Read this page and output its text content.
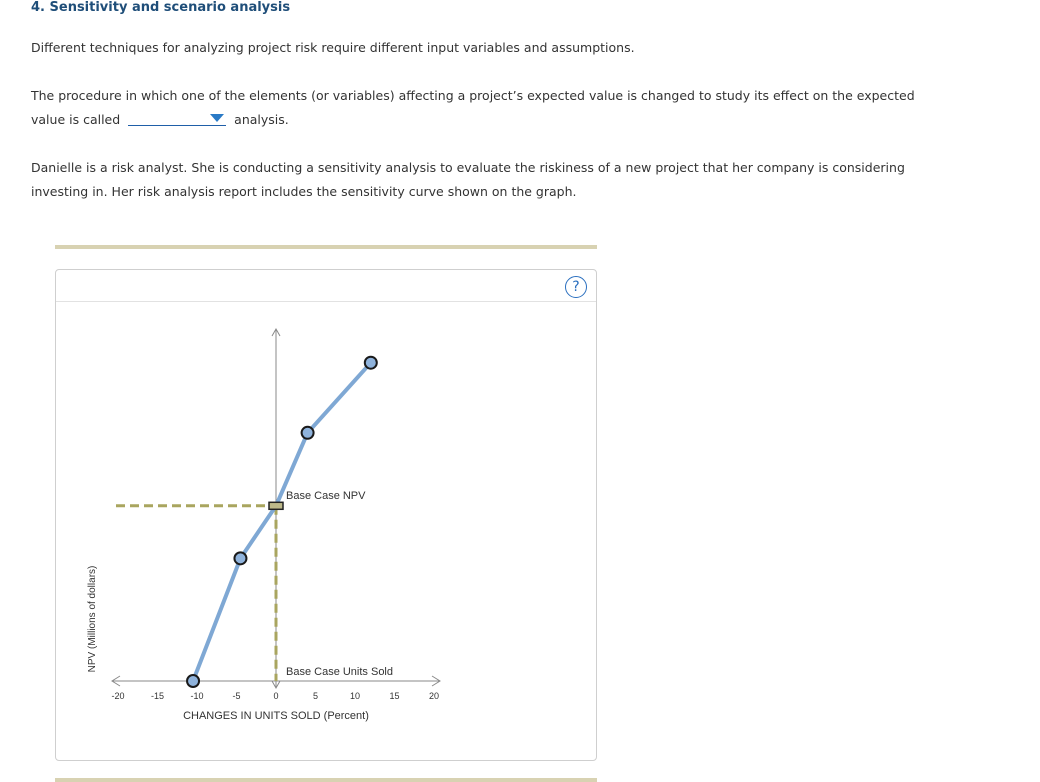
4. Sensitivity and scenario analysis

Different techniques for analyzing project risk require different input variables and assumptions.

The procedure in which one of the elements (or variables) affecting a project’s expected value is changed to study its effect on the expected value is called	analysis.

Danielle is a risk analyst. She is conducting a sensitivity analysis to evaluate the riskiness of a new project that her company is considering investing in. Her risk analysis report includes the sensitivity curve shown on the graph.

?
-20	-15	-10	-5	0	5	10	15	20
CHANGES IN UNITS SOLD (Percent)
NPV (Millions of dollars)
Base Case NPV
Base Case Units Sold
